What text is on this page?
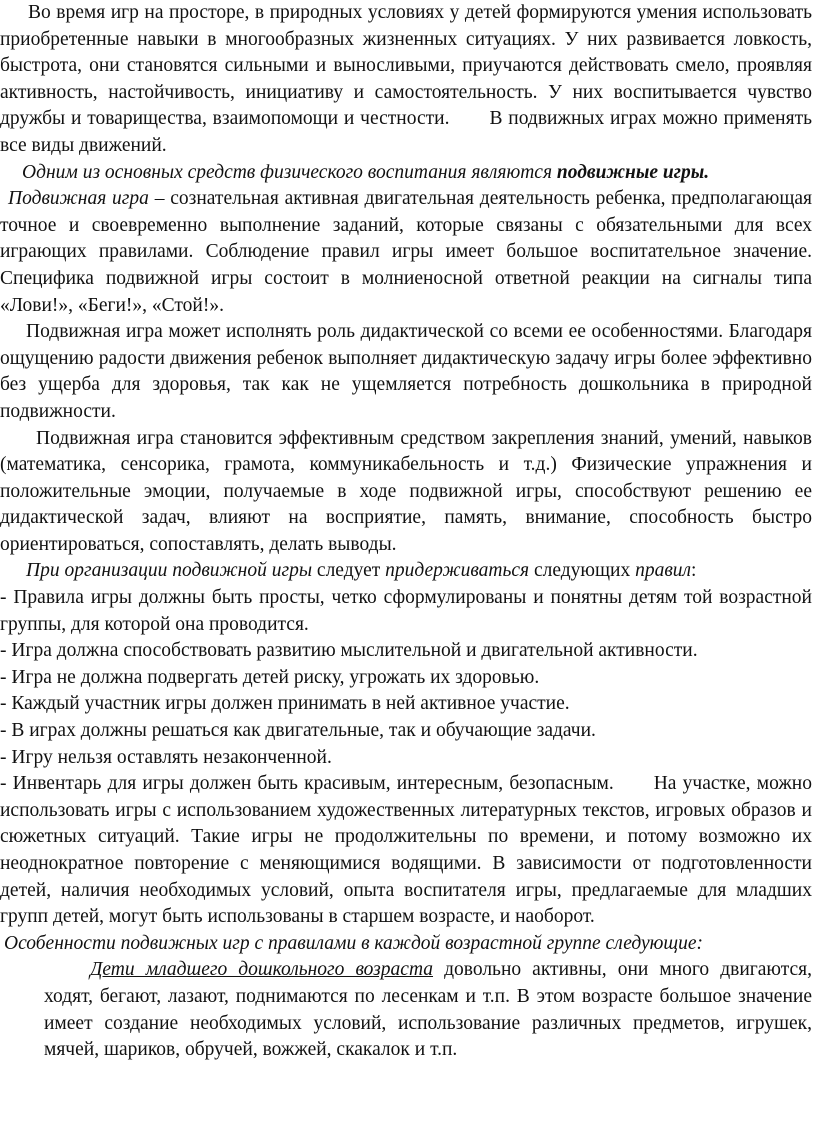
Во время игр на просторе, в природных условиях у детей формируются умения использовать приобретенные навыки в многообразных жизненных ситуациях. У них развивается ловкость, быстрота, они становятся сильными и выносливыми, приучаются действовать смело, проявляя активность, настойчивость, инициативу и самостоятельность. У них воспитывается чувство дружбы и товарищества, взаимопомощи и честности. В подвижных играх можно применять все виды движений.

Одним из основных средств физического воспитания являются подвижные игры.

Подвижная игра – сознательная активная двигательная деятельность ребенка, предполагающая точное и своевременно выполнение заданий, которые связаны с обязательными для всех играющих правилами. Соблюдение правил игры имеет большое воспитательное значение. Специфика подвижной игры состоит в молниеносной ответной реакции на сигналы типа «Лови!», «Беги!», «Стой!».

Подвижная игра может исполнять роль дидактической со всеми ее особенностями. Благодаря ощущению радости движения ребенок выполняет дидактическую задачу игры более эффективно без ущерба для здоровья, так как не ущемляется потребность дошкольника в природной подвижности.

Подвижная игра становится эффективным средством закрепления знаний, умений, навыков (математика, сенсорика, грамота, коммуникабельность и т.д.) Физические упражнения и положительные эмоции, получаемые в ходе подвижной игры, способствуют решению ее дидактической задач, влияют на восприятие, память, внимание, способность быстро ориентироваться, сопоставлять, делать выводы.

При организации подвижной игры следует придерживаться следующих правил:

- Правила игры должны быть просты, четко сформулированы и понятны детям той возрастной группы, для которой она проводится.

- Игра должна способствовать развитию мыслительной и двигательной активности.

- Игра не должна подвергать детей риску, угрожать их здоровью.

- Каждый участник игры должен принимать в ней активное участие.

- В играх должны решаться как двигательные, так и обучающие задачи.

- Игру нельзя оставлять незаконченной.

- Инвентарь для игры должен быть красивым, интересным, безопасным. На участке, можно использовать игры с использованием художественных литературных текстов, игровых образов и сюжетных ситуаций. Такие игры не продолжительны по времени, и потому возможно их неоднократное повторение с меняющимися водящими. В зависимости от подготовленности детей, наличия необходимых условий, опыта воспитателя игры, предлагаемые для младших групп детей, могут быть использованы в старшем возрасте, и наоборот.

Особенности подвижных игр с правилами в каждой возрастной группе следующие:

Дети младшего дошкольного возраста довольно активны, они много двигаются, ходят, бегают, лазают, поднимаются по лесенкам и т.п. В этом возрасте большое значение имеет создание необходимых условий, использование различных предметов, игрушек, мячей, шариков, обручей, вожжей, скакалок и т.п.
